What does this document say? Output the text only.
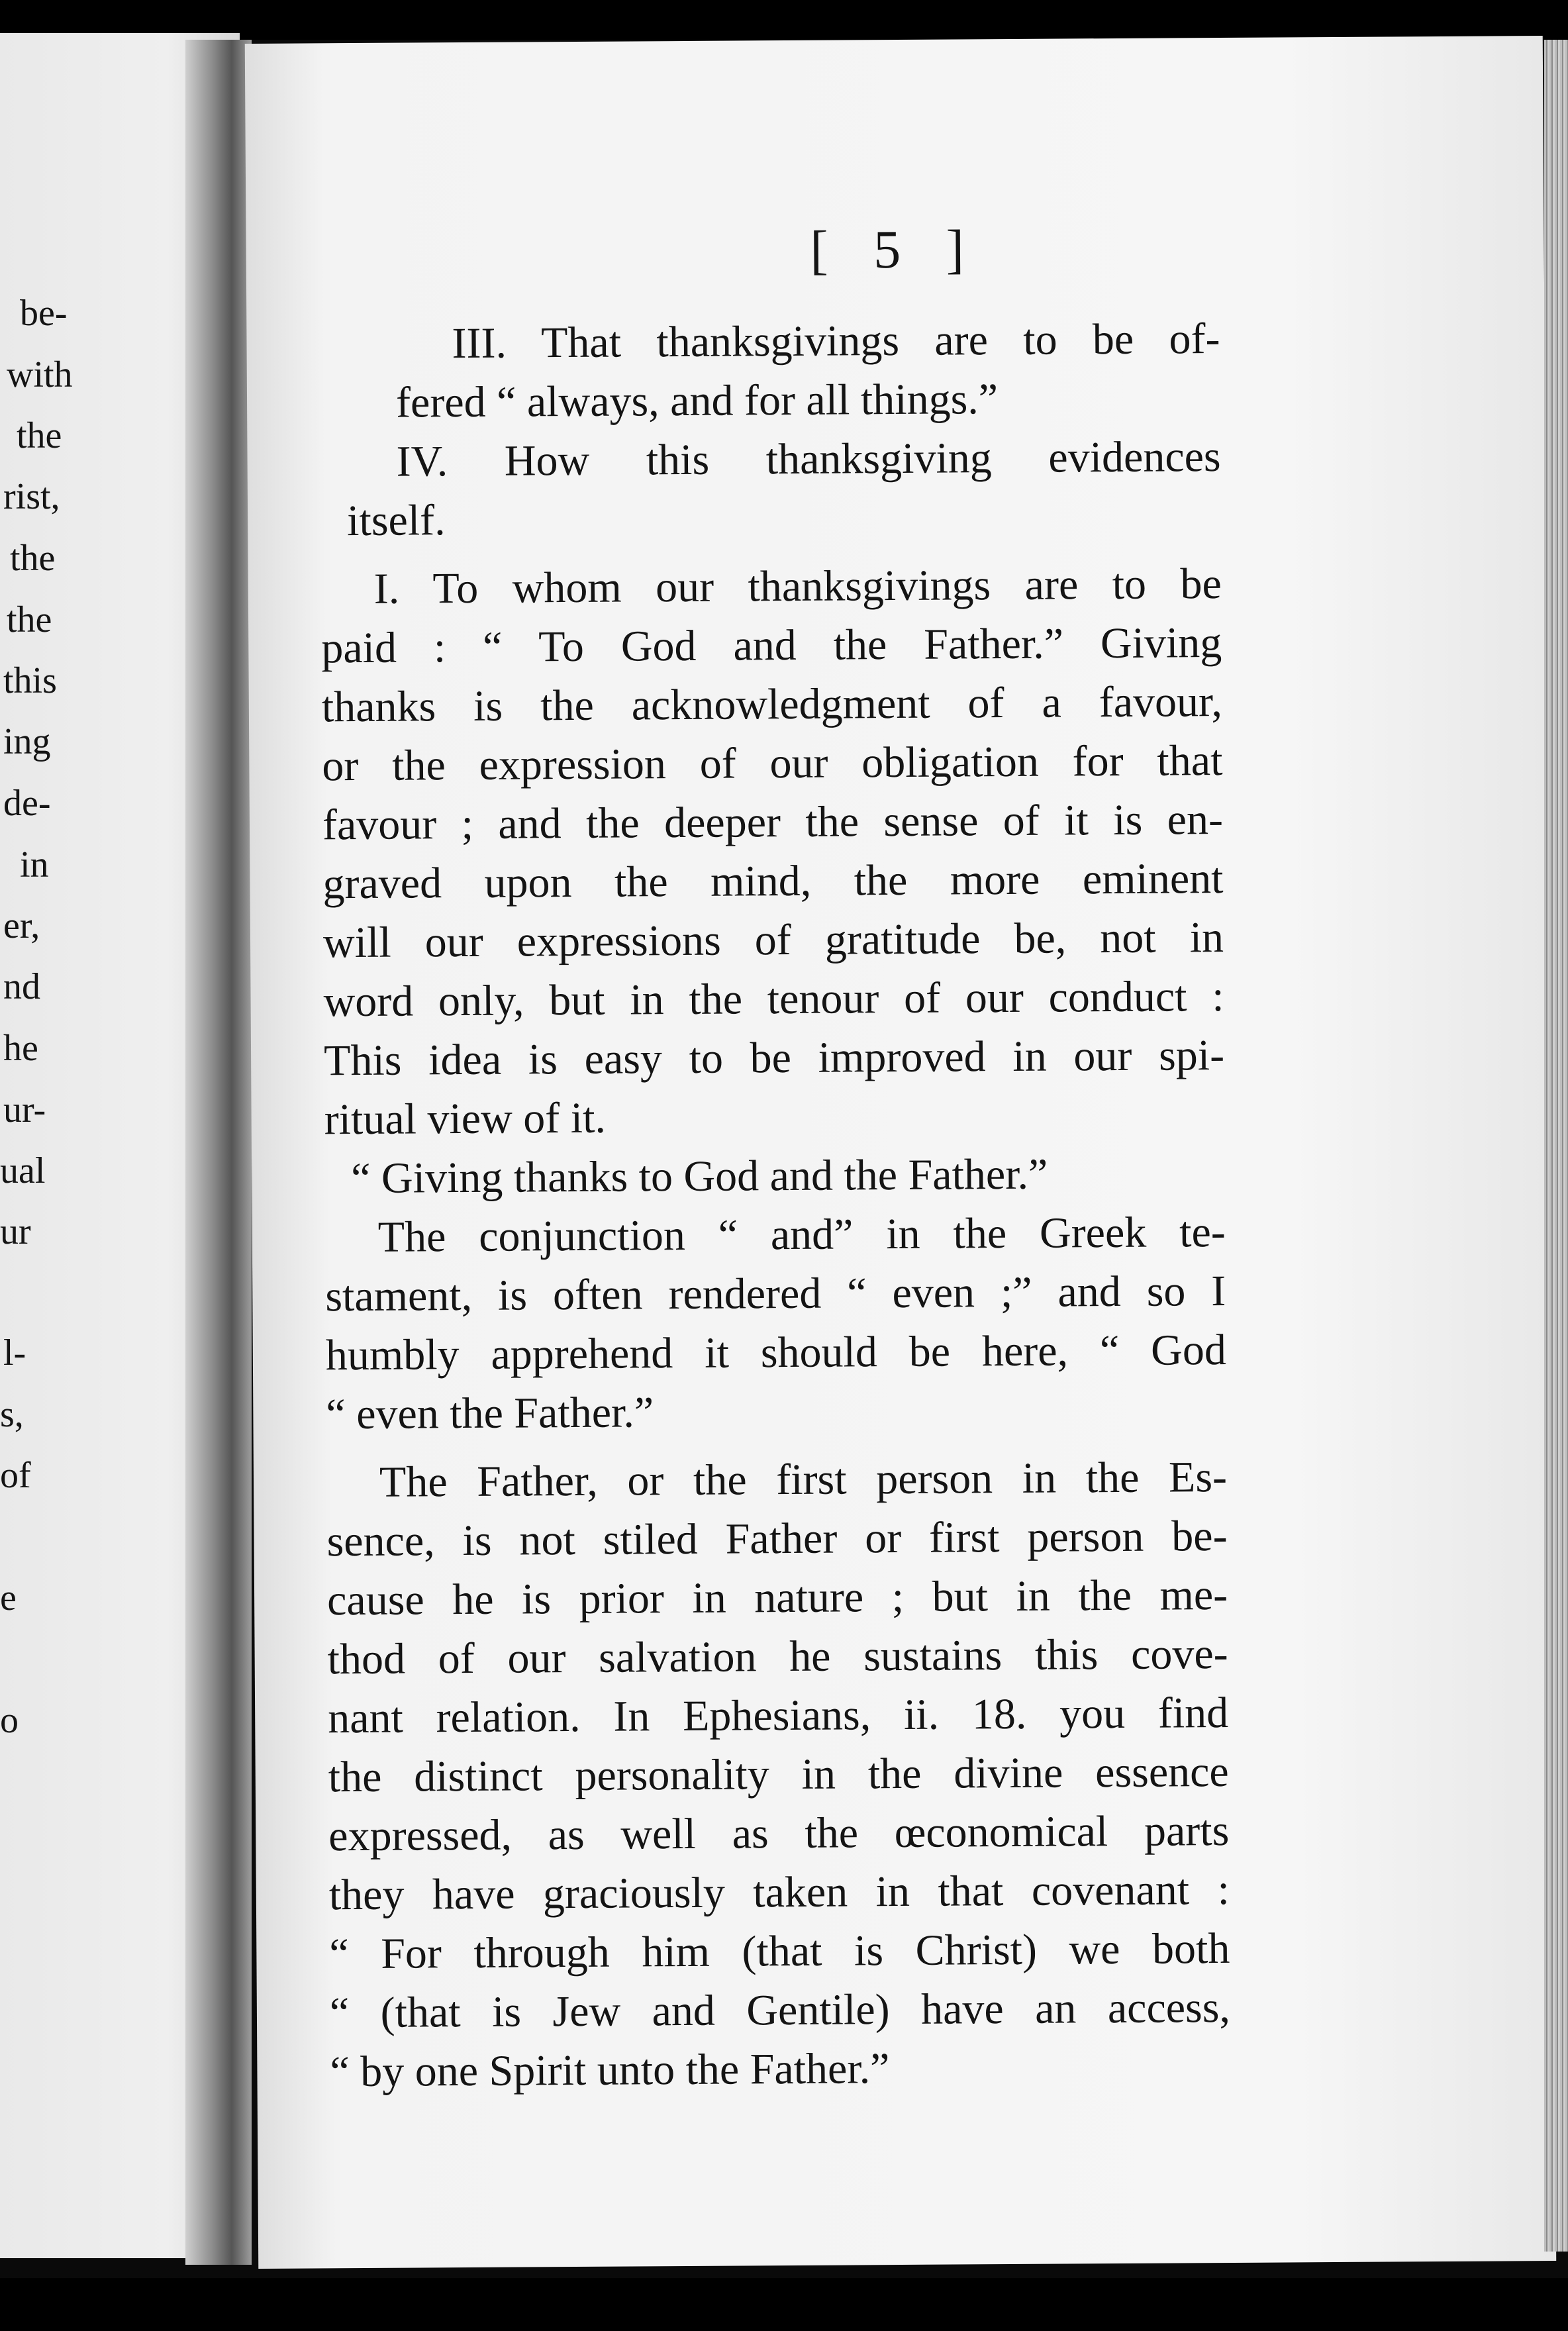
be-
with
the
rist,
the
the
this
ing
de-
in
er,
nd
he
ur-
ual
ur
l-
s,
of
e
o
[ 5 ]
III. That thanksgivings are to be of-
fered “ always, and for all things.”
IV. How this thanksgiving evidences
itself.
I. To whom our thanksgivings are to be
paid : “ To God and the Father.” Giving
thanks is the acknowledgment of a favour,
or the expression of our obligation for that
favour ; and the deeper the sense of it is en-
graved upon the mind, the more eminent
will our expressions of gratitude be, not in
word only, but in the tenour of our conduct :
This idea is easy to be improved in our spi-
ritual view of it.
“ Giving thanks to God and the Father.”
The conjunction “ and” in the Greek te-
stament, is often rendered “ even ;” and so I
humbly apprehend it should be here, “ God
“ even the Father.”
The Father, or the first person in the Es-
sence, is not stiled Father or first person be-
cause he is prior in nature ; but in the me-
thod of our salvation he sustains this cove-
nant relation. In Ephesians, ii. 18. you find
the distinct personality in the divine essence
expressed, as well as the œconomical parts
they have graciously taken in that covenant :
“ For through him (that is Christ) we both
“ (that is Jew and Gentile) have an access,
“ by one Spirit unto the Father.”
